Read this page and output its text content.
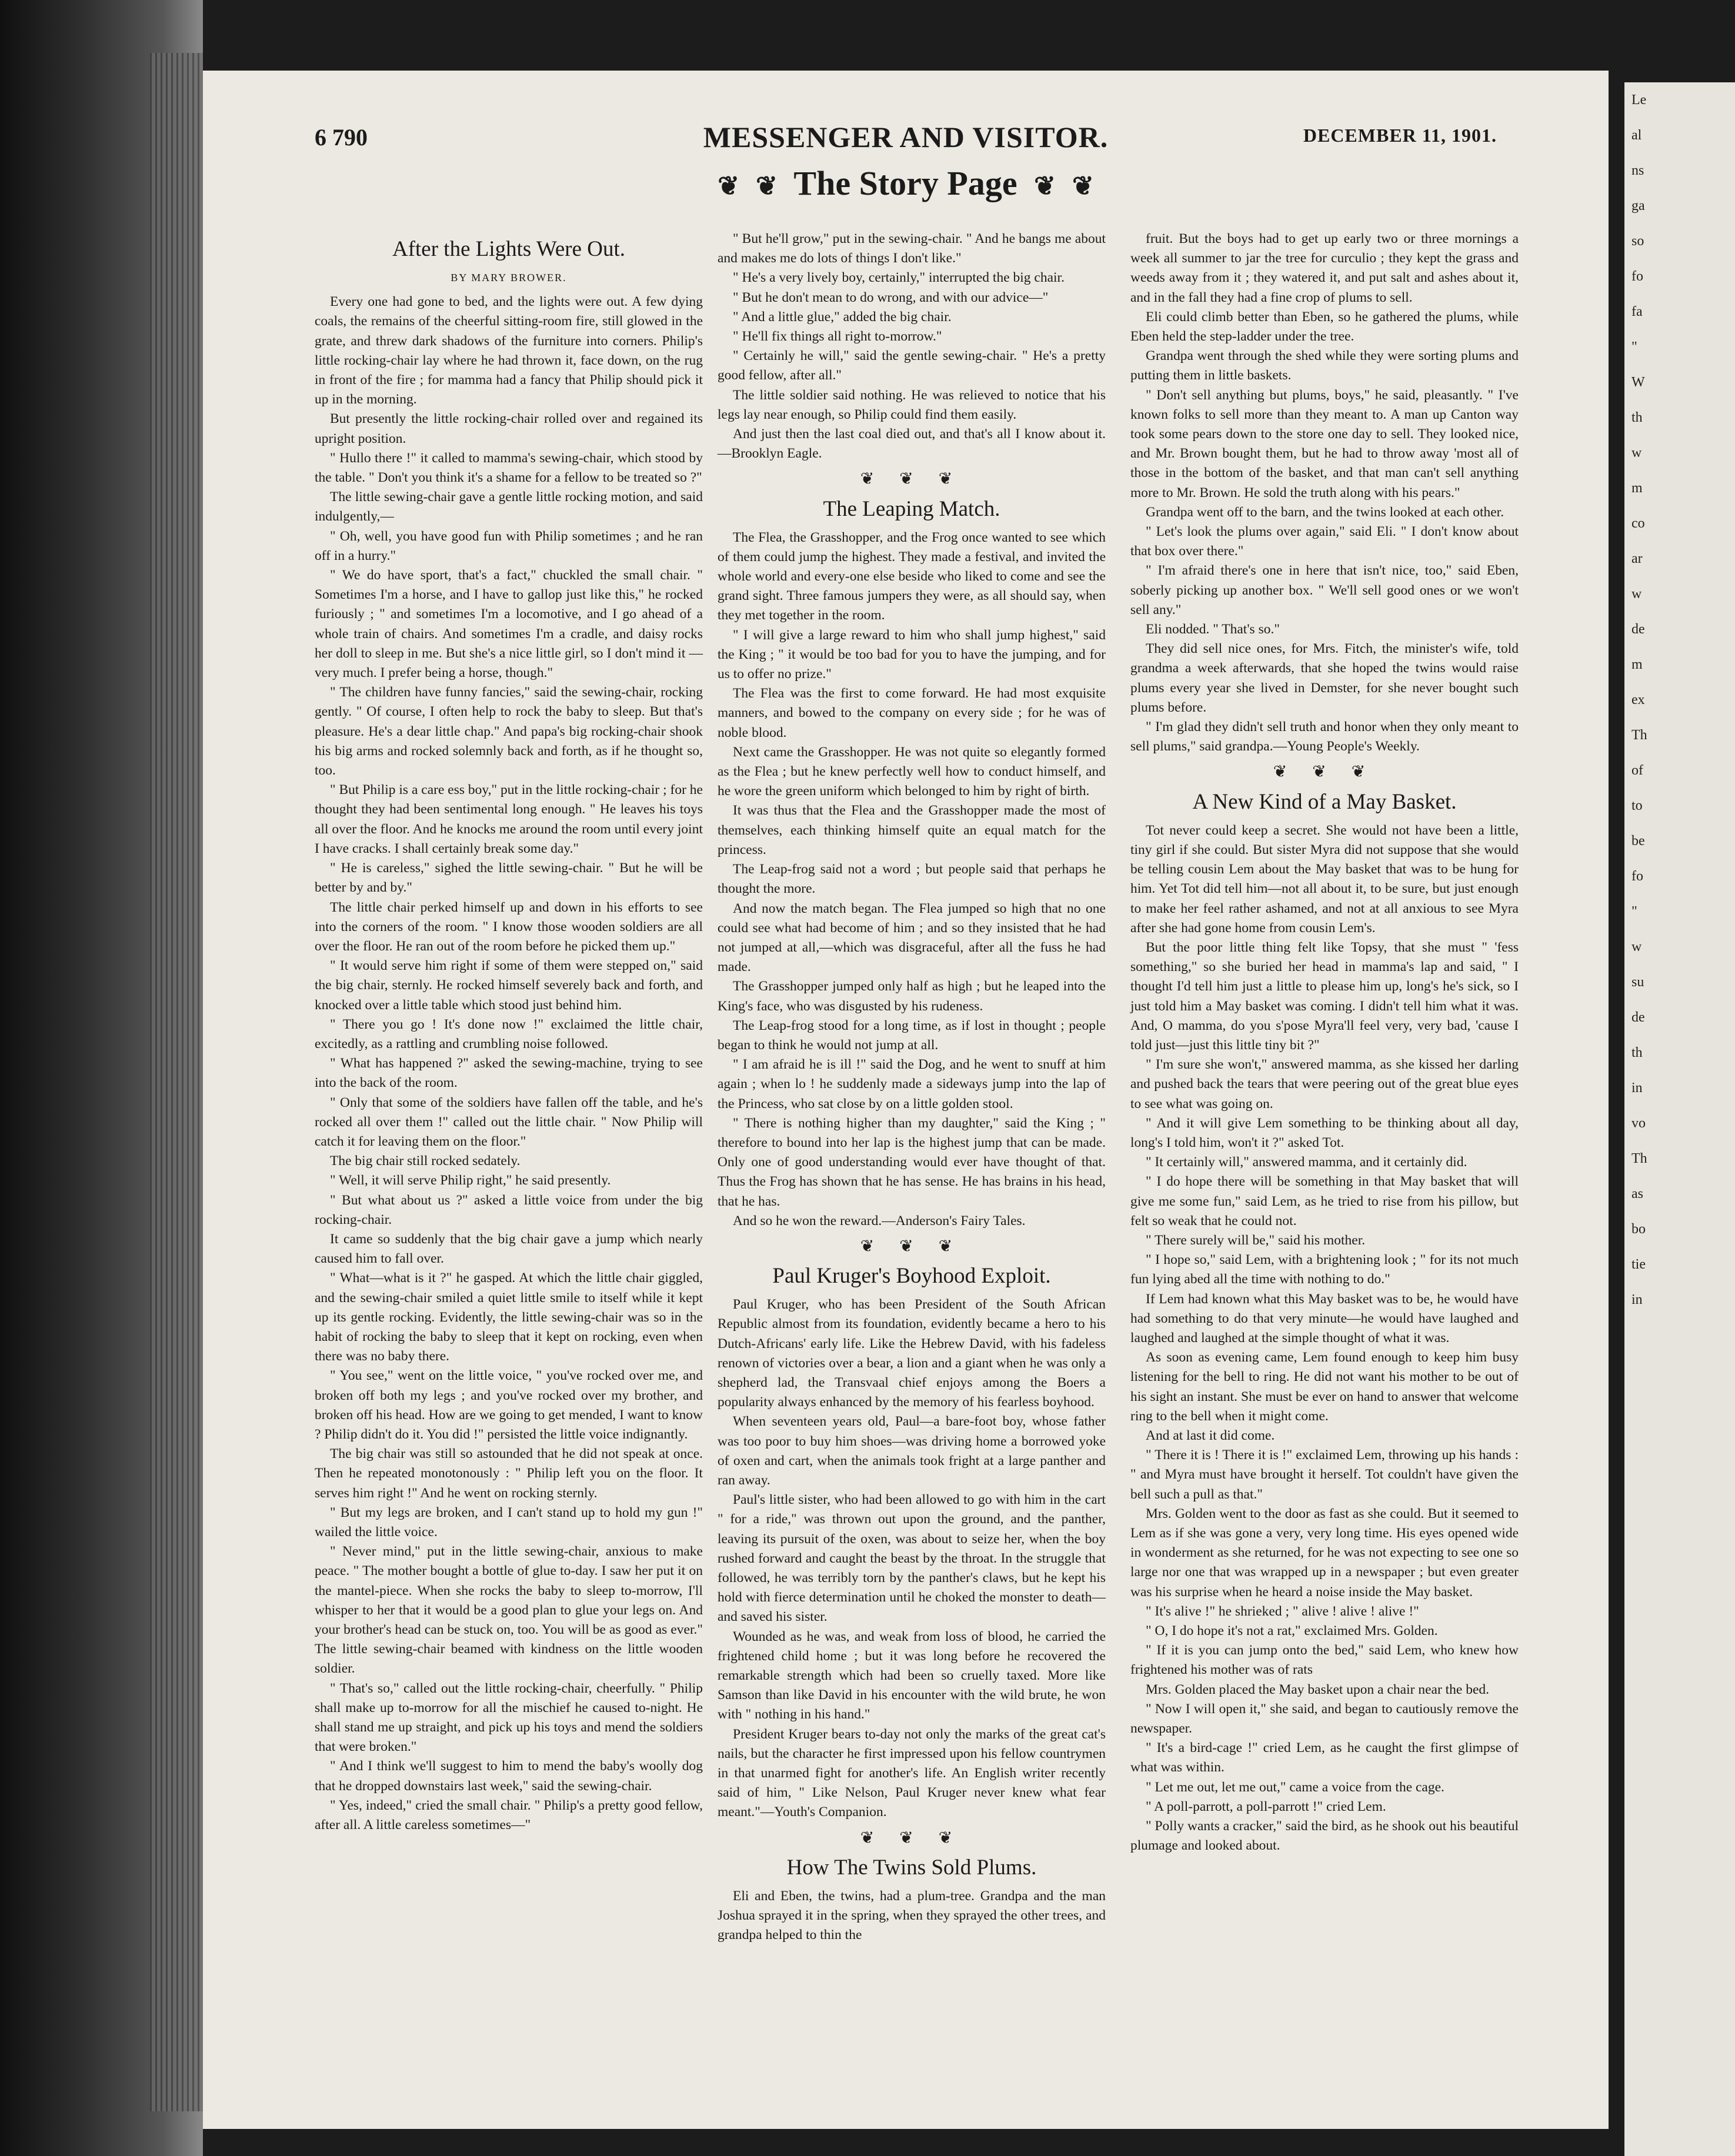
6 790	MESSENGER AND VISITOR.	DECEMBER 11, 1901.
❦ ❦ The Story Page ❦ ❦
After the Lights Were Out.
BY MARY BROWER.

Every one had gone to bed, and the lights were out. A few dying coals, the remains of the cheerful sitting-room fire, still glowed in the grate, and threw dark shadows of the furniture into corners. Philip's little rocking-chair lay where he had thrown it, face down, on the rug in front of the fire ; for mamma had a fancy that Philip should pick it up in the morning.

But presently the little rocking-chair rolled over and regained its upright position.

" Hullo there !" it called to mamma's sewing-chair, which stood by the table. " Don't you think it's a shame for a fellow to be treated so ?"

The little sewing-chair gave a gentle little rocking motion, and said indulgently,—

" Oh, well, you have good fun with Philip sometimes ; and he ran off in a hurry."

" We do have sport, that's a fact," chuckled the small chair. " Sometimes I'm a horse, and I have to gallop just like this," he rocked furiously ; " and sometimes I'm a locomotive, and I go ahead of a whole train of chairs. And sometimes I'm a cradle, and daisy rocks her doll to sleep in me. But she's a nice little girl, so I don't mind it —very much. I prefer being a horse, though."

" The children have funny fancies," said the sewing-chair, rocking gently. " Of course, I often help to rock the baby to sleep. But that's pleasure. He's a dear little chap." And papa's big rocking-chair shook his big arms and rocked solemnly back and forth, as if he thought so, too.

" But Philip is a care ess boy," put in the little rocking-chair ; for he thought they had been sentimental long enough. " He leaves his toys all over the floor. And he knocks me around the room until every joint I have cracks. I shall certainly break some day."

" He is careless," sighed the little sewing-chair. " But he will be better by and by."

The little chair perked himself up and down in his efforts to see into the corners of the room. " I know those wooden soldiers are all over the floor. He ran out of the room before he picked them up."

" It would serve him right if some of them were stepped on," said the big chair, sternly. He rocked himself severely back and forth, and knocked over a little table which stood just behind him.

" There you go ! It's done now !" exclaimed the little chair, excitedly, as a rattling and crumbling noise followed.

" What has happened ?" asked the sewing-machine, trying to see into the back of the room.

" Only that some of the soldiers have fallen off the table, and he's rocked all over them !" called out the little chair. " Now Philip will catch it for leaving them on the floor."

The big chair still rocked sedately.

" Well, it will serve Philip right," he said presently.

" But what about us ?" asked a little voice from under the big rocking-chair.

It came so suddenly that the big chair gave a jump which nearly caused him to fall over.

" What—what is it ?" he gasped. At which the little chair giggled, and the sewing-chair smiled a quiet little smile to itself while it kept up its gentle rocking. Evidently, the little sewing-chair was so in the habit of rocking the baby to sleep that it kept on rocking, even when there was no baby there.

" You see," went on the little voice, " you've rocked over me, and broken off both my legs ; and you've rocked over my brother, and broken off his head. How are we going to get mended, I want to know ? Philip didn't do it. You did !" persisted the little voice indignantly.

The big chair was still so astounded that he did not speak at once. Then he repeated monotonously : " Philip left you on the floor. It serves him right !" And he went on rocking sternly.

" But my legs are broken, and I can't stand up to hold my gun !" wailed the little voice.

" Never mind," put in the little sewing-chair, anxious to make peace. " The mother bought a bottle of glue to-day. I saw her put it on the mantel-piece. When she rocks the baby to sleep to-morrow, I'll whisper to her that it would be a good plan to glue your legs on. And your brother's head can be stuck on, too. You will be as good as ever." The little sewing-chair beamed with kindness on the little wooden soldier.

" That's so," called out the little rocking-chair, cheerfully. " Philip shall make up to-morrow for all the mischief he caused to-night. He shall stand me up straight, and pick up his toys and mend the soldiers that were broken."

" And I think we'll suggest to him to mend the baby's woolly dog that he dropped downstairs last week," said the sewing-chair.

" Yes, indeed," cried the small chair. " Philip's a pretty good fellow, after all. A little careless sometimes—"

" But he'll grow," put in the sewing-chair. " And he bangs me about and makes me do lots of things I don't like."

" He's a very lively boy, certainly," interrupted the big chair.

" But he don't mean to do wrong, and with our advice—"

" And a little glue," added the big chair.

" He'll fix things all right to-morrow."

" Certainly he will," said the gentle sewing-chair. " He's a pretty good fellow, after all."

The little soldier said nothing. He was relieved to notice that his legs lay near enough, so Philip could find them easily.

And just then the last coal died out, and that's all I know about it.—Brooklyn Eagle.

❦ ❦ ❦
The Leaping Match.

The Flea, the Grasshopper, and the Frog once wanted to see which of them could jump the highest. They made a festival, and invited the whole world and every-one else beside who liked to come and see the grand sight. Three famous jumpers they were, as all should say, when they met together in the room.

" I will give a large reward to him who shall jump highest," said the King ; " it would be too bad for you to have the jumping, and for us to offer no prize."

The Flea was the first to come forward. He had most exquisite manners, and bowed to the company on every side ; for he was of noble blood.

Next came the Grasshopper. He was not quite so elegantly formed as the Flea ; but he knew perfectly well how to conduct himself, and he wore the green uniform which belonged to him by right of birth.

It was thus that the Flea and the Grasshopper made the most of themselves, each thinking himself quite an equal match for the princess.

The Leap-frog said not a word ; but people said that perhaps he thought the more.

And now the match began. The Flea jumped so high that no one could see what had become of him ; and so they insisted that he had not jumped at all,—which was disgraceful, after all the fuss he had made.

The Grasshopper jumped only half as high ; but he leaped into the King's face, who was disgusted by his rudeness.

The Leap-frog stood for a long time, as if lost in thought ; people began to think he would not jump at all.

" I am afraid he is ill !" said the Dog, and he went to snuff at him again ; when lo ! he suddenly made a sideways jump into the lap of the Princess, who sat close by on a little golden stool.

" There is nothing higher than my daughter," said the King ; " therefore to bound into her lap is the highest jump that can be made. Only one of good understanding would ever have thought of that. Thus the Frog has shown that he has sense. He has brains in his head, that he has.

And so he won the reward.—Anderson's Fairy Tales.

❦ ❦ ❦
Paul Kruger's Boyhood Exploit.

Paul Kruger, who has been President of the South African Republic almost from its foundation, evidently became a hero to his Dutch-Africans' early life. Like the Hebrew David, with his fadeless renown of victories over a bear, a lion and a giant when he was only a shepherd lad, the Transvaal chief enjoys among the Boers a popularity always enhanced by the memory of his fearless boyhood.

When seventeen years old, Paul—a bare-foot boy, whose father was too poor to buy him shoes—was driving home a borrowed yoke of oxen and cart, when the animals took fright at a large panther and ran away.

Paul's little sister, who had been allowed to go with him in the cart " for a ride," was thrown out upon the ground, and the panther, leaving its pursuit of the oxen, was about to seize her, when the boy rushed forward and caught the beast by the throat. In the struggle that followed, he was terribly torn by the panther's claws, but he kept his hold with fierce determination until he choked the monster to death—and saved his sister.

Wounded as he was, and weak from loss of blood, he carried the frightened child home ; but it was long before he recovered the remarkable strength which had been so cruelly taxed. More like Samson than like David in his encounter with the wild brute, he won with " nothing in his hand."

President Kruger bears to-day not only the marks of the great cat's nails, but the character he first impressed upon his fellow countrymen in that unarmed fight for another's life. An English writer recently said of him, " Like Nelson, Paul Kruger never knew what fear meant."—Youth's Companion.

❦ ❦ ❦
How The Twins Sold Plums.

Eli and Eben, the twins, had a plum-tree. Grandpa and the man Joshua sprayed it in the spring, when they sprayed the other trees, and grandpa helped to thin the

fruit. But the boys had to get up early two or three mornings a week all summer to jar the tree for curculio ; they kept the grass and weeds away from it ; they watered it, and put salt and ashes about it, and in the fall they had a fine crop of plums to sell.

Eli could climb better than Eben, so he gathered the plums, while Eben held the step-ladder under the tree.

Grandpa went through the shed while they were sorting plums and putting them in little baskets.

" Don't sell anything but plums, boys," he said, pleasantly. " I've known folks to sell more than they meant to. A man up Canton way took some pears down to the store one day to sell. They looked nice, and Mr. Brown bought them, but he had to throw away 'most all of those in the bottom of the basket, and that man can't sell anything more to Mr. Brown. He sold the truth along with his pears."

Grandpa went off to the barn, and the twins looked at each other.

" Let's look the plums over again," said Eli. " I don't know about that box over there."

" I'm afraid there's one in here that isn't nice, too," said Eben, soberly picking up another box. " We'll sell good ones or we won't sell any."

Eli nodded. " That's so."

They did sell nice ones, for Mrs. Fitch, the minister's wife, told grandma a week afterwards, that she hoped the twins would raise plums every year she lived in Demster, for she never bought such plums before.

" I'm glad they didn't sell truth and honor when they only meant to sell plums," said grandpa.—Young People's Weekly.

❦ ❦ ❦
A New Kind of a May Basket.

Tot never could keep a secret. She would not have been a little, tiny girl if she could. But sister Myra did not suppose that she would be telling cousin Lem about the May basket that was to be hung for him. Yet Tot did tell him—not all about it, to be sure, but just enough to make her feel rather ashamed, and not at all anxious to see Myra after she had gone home from cousin Lem's.

But the poor little thing felt like Topsy, that she must " 'fess something," so she buried her head in mamma's lap and said, " I thought I'd tell him just a little to please him up, long's he's sick, so I just told him a May basket was coming. I didn't tell him what it was. And, O mamma, do you s'pose Myra'll feel very, very bad, 'cause I told just—just this little tiny bit ?"

" I'm sure she won't," answered mamma, as she kissed her darling and pushed back the tears that were peering out of the great blue eyes to see what was going on.

" And it will give Lem something to be thinking about all day, long's I told him, won't it ?" asked Tot.

" It certainly will," answered mamma, and it certainly did.

" I do hope there will be something in that May basket that will give me some fun," said Lem, as he tried to rise from his pillow, but felt so weak that he could not.

" There surely will be," said his mother.

" I hope so," said Lem, with a brightening look ; " for its not much fun lying abed all the time with nothing to do."

If Lem had known what this May basket was to be, he would have had something to do that very minute—he would have laughed and laughed and laughed at the simple thought of what it was.

As soon as evening came, Lem found enough to keep him busy listening for the bell to ring. He did not want his mother to be out of his sight an instant. She must be ever on hand to answer that welcome ring to the bell when it might come.

And at last it did come.

" There it is ! There it is !" exclaimed Lem, throwing up his hands : " and Myra must have brought it herself. Tot couldn't have given the bell such a pull as that."

Mrs. Golden went to the door as fast as she could. But it seemed to Lem as if she was gone a very, very long time. His eyes opened wide in wonderment as she returned, for he was not expecting to see one so large nor one that was wrapped up in a newspaper ; but even greater was his surprise when he heard a noise inside the May basket.

" It's alive !" he shrieked ; " alive ! alive ! alive !"

" O, I do hope it's not a rat," exclaimed Mrs. Golden.

" If it is you can jump onto the bed," said Lem, who knew how frightened his mother was of rats

Mrs. Golden placed the May basket upon a chair near the bed.

" Now I will open it," she said, and began to cautiously remove the newspaper.

" It's a bird-cage !" cried Lem, as he caught the first glimpse of what was within.

" Let me out, let me out," came a voice from the cage.

" A poll-parrott, a poll-parrott !" cried Lem.

" Polly wants a cracker," said the bird, as he shook out his beautiful plumage and looked about.

Le
al
ns
ga
so
fo
fa
"
W
th
w
m
co
ar
w
de
m
ex
Th
of
to
be
fo
"
w
su
de
th
in
vo
Th
as
bo
tie
in
